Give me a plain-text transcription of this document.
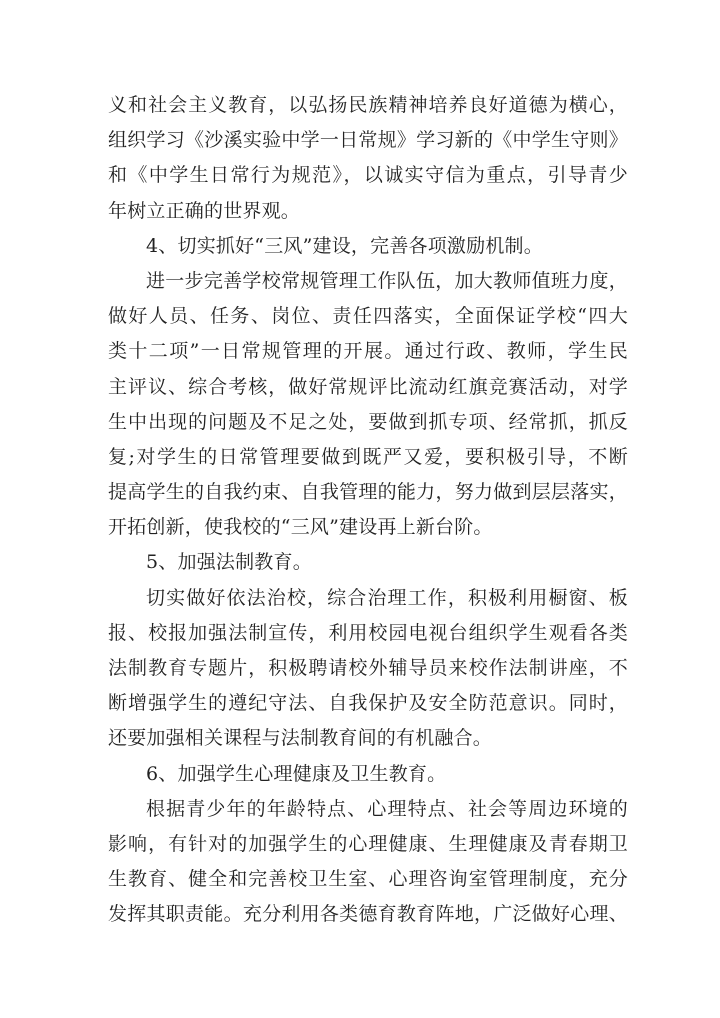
义和社会主义教育，以弘扬民族精神培养良好道德为横心，
组织学习《沙溪实验中学一日常规》学习新的《中学生守则》
和《中学生日常行为规范》，以诚实守信为重点，引导青少
年树立正确的世界观。
4、切实抓好“三风”建设，完善各项激励机制。
进一步完善学校常规管理工作队伍，加大教师值班力度，
做好人员、任务、岗位、责任四落实，全面保证学校“四大
类十二项”一日常规管理的开展。通过行政、教师，学生民
主评议、综合考核，做好常规评比流动红旗竞赛活动，对学
生中出现的问题及不足之处，要做到抓专项、经常抓，抓反
复;对学生的日常管理要做到既严又爱，要积极引导，不断
提高学生的自我约束、自我管理的能力，努力做到层层落实，
开拓创新，使我校的“三风”建设再上新台阶。
5、加强法制教育。
切实做好依法治校，综合治理工作，积极利用橱窗、板
报、校报加强法制宣传，利用校园电视台组织学生观看各类
法制教育专题片，积极聘请校外辅导员来校作法制讲座，不
断增强学生的遵纪守法、自我保护及安全防范意识。同时，
还要加强相关课程与法制教育间的有机融合。
6、加强学生心理健康及卫生教育。
根据青少年的年龄特点、心理特点、社会等周边环境的
影响，有针对的加强学生的心理健康、生理健康及青春期卫
生教育、健全和完善校卫生室、心理咨询室管理制度，充分
发挥其职责能。充分利用各类德育教育阵地，广泛做好心理、
